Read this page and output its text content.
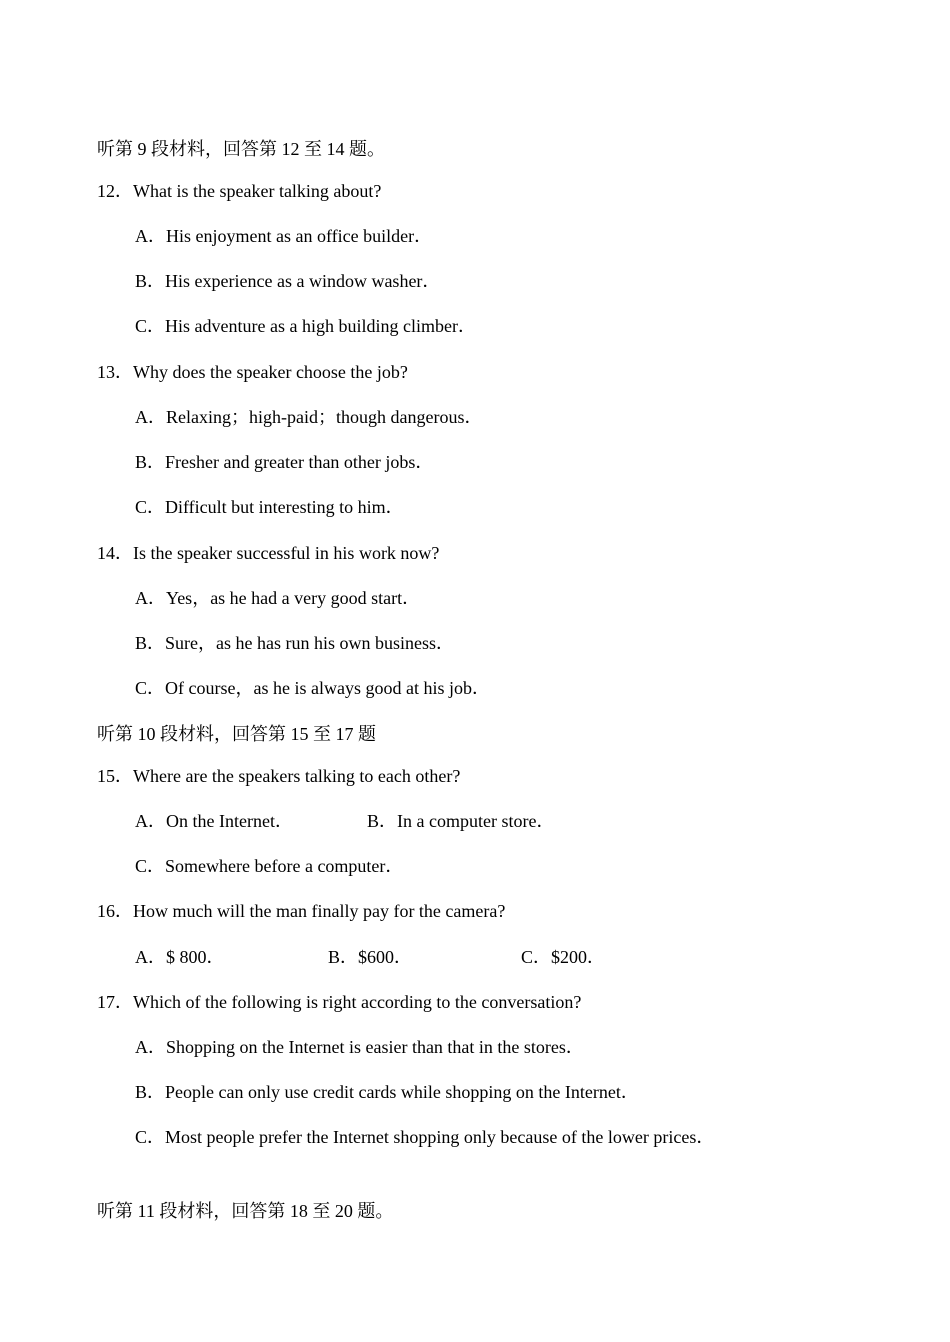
听第 9 段材料，回答第 12 至 14 题。

12．What is the speaker talking about?

A．His enjoyment as an office builder．

B．His experience as a window washer．

C．His adventure as a high building climber．

13．Why does the speaker choose the job?

A．Relaxing；high-paid；though dangerous．

B．Fresher and greater than other jobs．

C．Difficult but interesting to him．

14．Is the speaker successful in his work now?

A．Yes，as he had a very good start．

B．Sure，as he has run his own business．

C．Of course，as he is always good at his job．

听第 10 段材料，回答第 15 至 17 题

15．Where are the speakers talking to each other?

A．On the Internet．
	B．In a computer store．

C．Somewhere before a computer．

16．How much will the man finally pay for the camera?

A．$ 800．
	B．$600．
	C．$200．

17．Which of the following is right according to the conversation?

A．Shopping on the Internet is easier than that in the stores．

B．People can only use credit cards while shopping on the Internet．

C．Most people prefer the Internet shopping only because of the lower prices．

听第 11 段材料，回答第 18 至 20 题。
